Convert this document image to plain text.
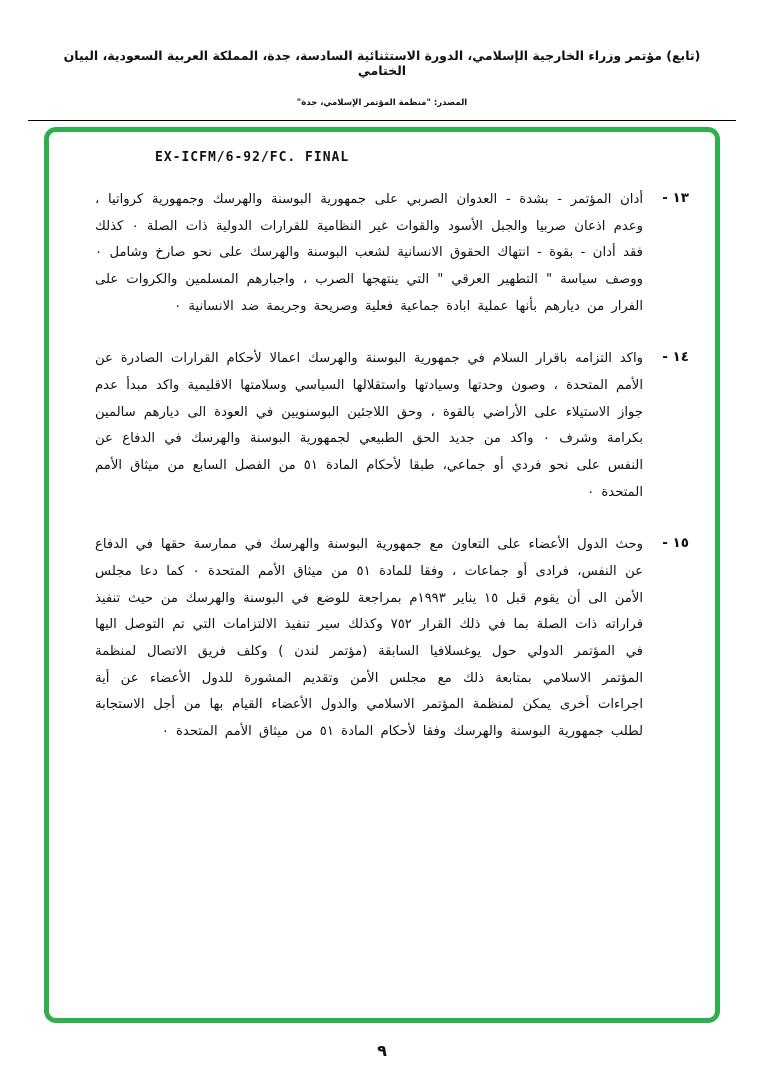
(تابع) مؤتمر وزراء الخارجية الإسلامي، الدورة الاستثنائية السادسة، جدة، المملكة العربية السعودية، البيان الختامي
المصدر: "منظمة المؤتمر الإسلامي، جدة"
EX-ICFM/6-92/FC. FINAL
١٣ -
أدان المؤتمر - بشدة - العدوان الصربي على جمهورية البوسنة والهرسك وجمهورية كرواتيا ، وعدم اذعان صربيا والجبل الأسود والقوات غير النظامية للقرارات الدولية ذات الصلة ٠ كذلك فقد أدان - بقوة - انتهاك الحقوق الانسانية لشعب البوسنة والهرسك على نحو صارخ وشامل ٠ ووصف سياسة " التطهير العرقي " التي ينتهجها الصرب ، واجبارهم المسلمين والكروات على الفرار من ديارهم بأنها عملية ابادة جماعية فعلية وصريحة وجريمة ضد الانسانية ٠
١٤ -
واكد التزامه باقرار السلام في جمهورية البوسنة والهرسك اعمالا لأحكام القرارات الصادرة عن الأمم المتحدة ، وصون وحدتها وسيادتها واستقلالها السياسي وسلامتها الاقليمية واكد مبدأ عدم جواز الاستيلاء على الأراضي بالقوة ، وحق اللاجئين البوسنويين في العودة الى ديارهم سالمين بكرامة وشرف ٠ واكد من جديد الحق الطبيعي لجمهورية البوسنة والهرسك في الدفاع عن النفس على نحو فردي أو جماعي، طبقا لأحكام المادة ٥١ من الفصل السابع من ميثاق الأمم المتحدة ٠
١٥ -
وحث الدول الأعضاء على التعاون مع جمهورية البوسنة والهرسك في ممارسة حقها في الدفاع عن النفس، فرادى أو جماعات ، وفقا للمادة ٥١ من ميثاق الأمم المتحدة ٠ كما دعا مجلس الأمن الى أن يقوم قبل ١٥ يناير ١٩٩٣م بمراجعة للوضع في البوسنة والهرسك من حيث تنفيذ قراراته ذات الصلة بما في ذلك القرار ٧٥٢ وكذلك سير تنفيذ الالتزامات التي تم التوصل اليها في المؤتمر الدولي حول يوغسلافيا السابقة (مؤتمر لندن ) وكلف فريق الاتصال لمنظمة المؤتمر الاسلامي بمتابعة ذلك مع مجلس الأمن وتقديم المشورة للدول الأعضاء عن أية اجراءات أخرى يمكن لمنظمة المؤتمر الاسلامي والدول الأعضاء القيام بها من أجل الاستجابة لطلب جمهورية البوسنة والهرسك وفقا لأحكام المادة ٥١ من ميثاق الأمم المتحدة ٠
٩
